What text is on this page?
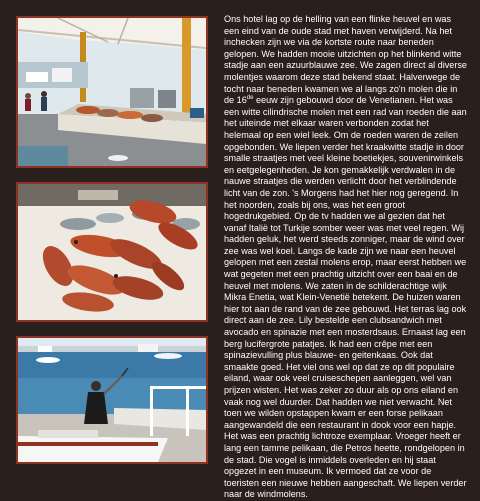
Ons hotel lag op de helling van een flinke heuvel en was een eind van de oude stad met haven verwijderd. Na het inchecken zijn we via de kortste route naar beneden gelopen. We hadden mooie uitzichten op het blinkend witte stadje aan een azuurblauwe zee. We zagen direct al diverse molentjes waarom deze stad bekend staat. Halverwege de tocht naar beneden kwamen we al langs zo'n molen die in de 16de eeuw zijn gebouwd door de Venetianen. Het was een witte cilindrische molen met een rad van roeden die aan het uiteinde met elkaar waren verbonden zodat het helemaal op een wiel leek. Om de roeden waren de zeilen opgebonden. We liepen verder het kraakwitte stadje in door smalle straatjes met veel kleine boetiekjes, souvenirwinkels en eetgelegenheden. Je kon gemakkelijk verdwalen in de nauwe straatjes die werden verlicht door het verblindende licht van de zon. 's Morgens had het hier nog geregend. In het noorden, zoals bij ons, was het een groot hogedrukgebied. Op de tv hadden we al gezien dat het vanaf Italië tot Turkije somber weer was met veel regen. Wij hadden geluk, het werd steeds zonniger, maar de wind over zee was wel koel. Langs de kade zijn we naar een heuvel gelopen met een zestal molens erop, maar eerst hebben we wat gegeten met een prachtig uitzicht over een baai en de heuvel met molens. We zaten in de schilderachtige wijk Mikra Enetia, wat Klein-Venetië betekent. De huizen waren hier tot aan de rand van de zee gebouwd. Het terras lag ook direct aan de zee. Lily bestelde een clubsandwich met avocado en spinazie met een mosterdsaus. Ernaast lag een berg lucifergrote patatjes. Ik had een crêpe met een spinazievulling plus blauwe- en geitenkaas. Ook dat smaakte goed. Het viel ons wel op dat ze op dit populaire eiland, waar ook veel cruiseschepen aanleggen, wel van prijzen wisten. Het was zeker zo duur als op ons eiland en vaak nog wel duurder. Dat hadden we niet verwacht. Net toen we wilden opstappen kwam er een forse pelikaan aangewandeld die een restaurant in dook voor een hapje. Het was een prachtig lichtroze exemplaar. Vroeger heeft er lang een tamme pelikaan, die Petros heette, rondgelopen in de stad. Die vogel is inmiddels overleden en hij staat opgezet in een museum. Ik vermoed dat ze voor de toeristen een nieuwe hebben aangeschaft. We liepen verder naar de windmolens.
